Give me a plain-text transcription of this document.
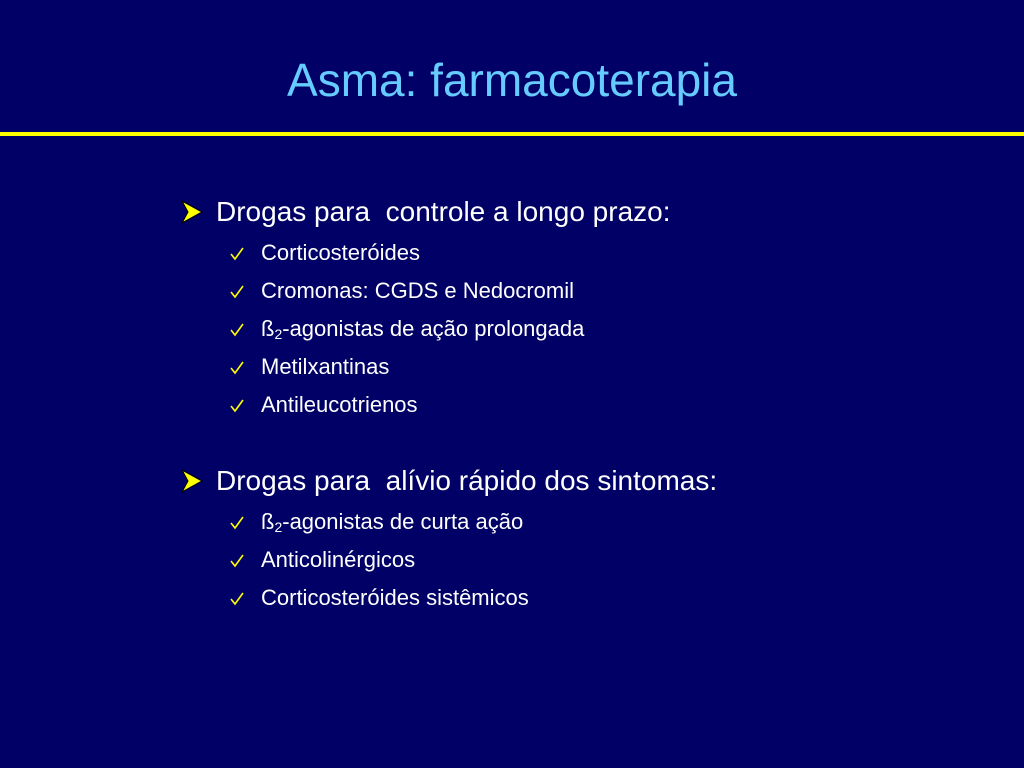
Asma: farmacoterapia
Drogas para  controle a longo prazo:
Corticosteróides
Cromonas: CGDS e Nedocromil
$ß_2$-agonistas de ação prolongada
Metilxantinas
Antileucotrienos
Drogas para  alívio rápido dos sintomas:
$ß_2$-agonistas de curta ação
Anticolinérgicos
Corticosteróides sistêmicos
